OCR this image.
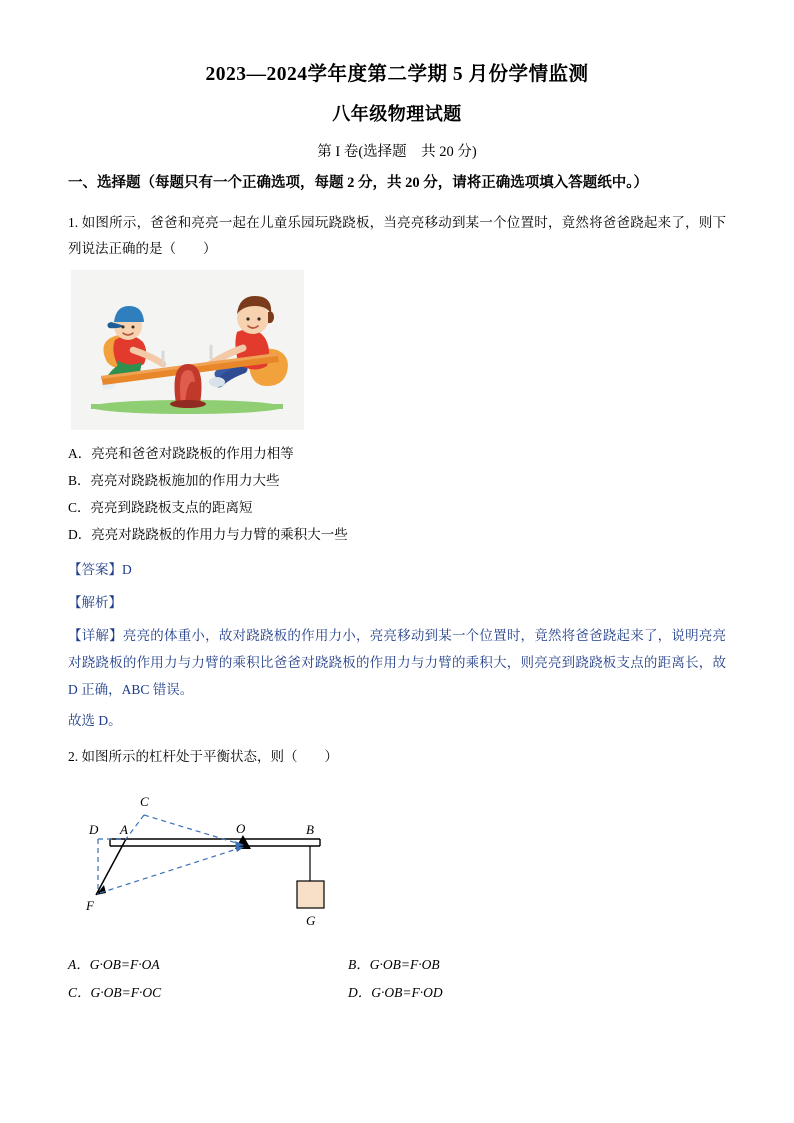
2023—2024学年度第二学期 5 月份学情监测
八年级物理试题
第 I 卷(选择题　共 20 分)
一、选择题（每题只有一个正确选项，每题 2 分，共 20 分，请将正确选项填入答题纸中。）
1. 如图所示，爸爸和亮亮一起在儿童乐园玩跷跷板，当亮亮移动到某一个位置时，竟然将爸爸跷起来了，则下列说法正确的是（　　）
A．亮亮和爸爸对跷跷板的作用力相等
B．亮亮对跷跷板施加的作用力大些
C．亮亮到跷跷板支点的距离短
D．亮亮对跷跷板的作用力与力臂的乘积大一些
【答案】D
【解析】
【详解】亮亮的体重小，故对跷跷板的作用力小，亮亮移动到某一个位置时，竟然将爸爸跷起来了，说明亮亮对跷跷板的作用力与力臂的乘积比爸爸对跷跷板的作用力与力臂的乘积大，则亮亮到跷跷板支点的距离长，故 D 正确，ABC 错误。
故选 D。
2. 如图所示的杠杆处于平衡状态，则（　　）
C
D A	O	B
F
G
A．G·OB=F·OA	B．G·OB=F·OB
C．G·OB=F·OC	D．G·OB=F·OD
